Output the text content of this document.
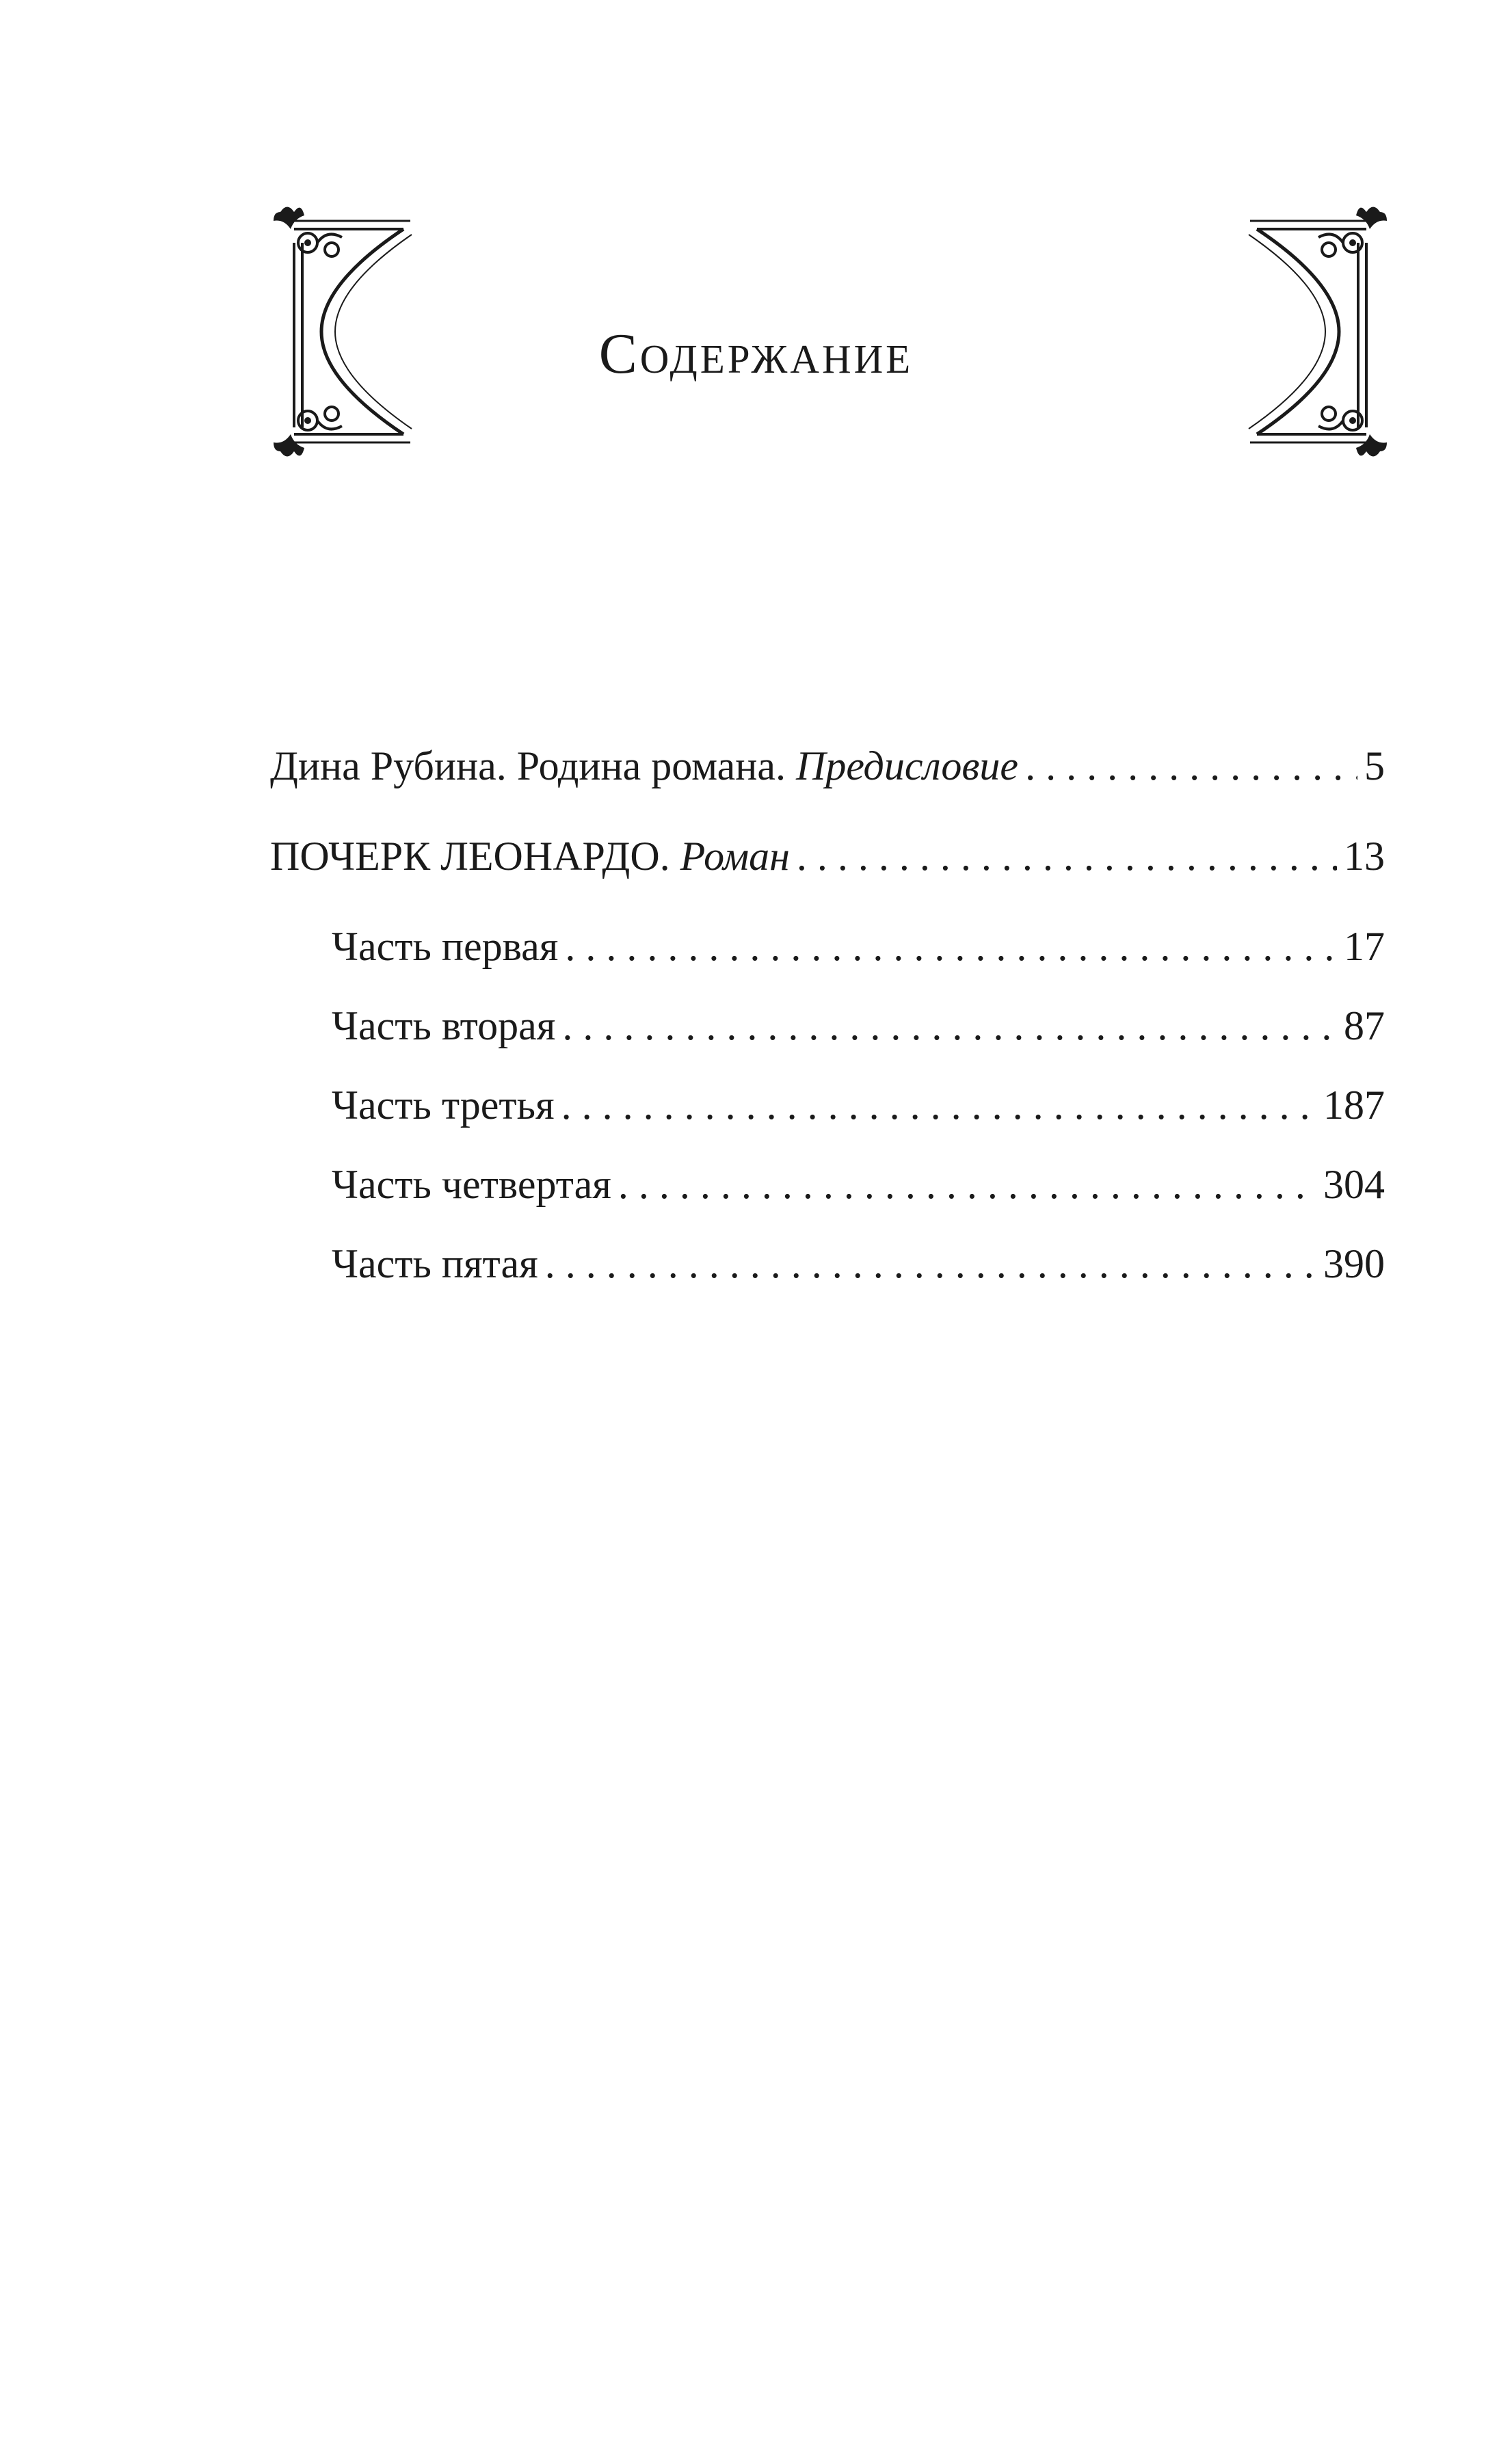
Содержание
Дина Рубина. Родина романа. Предисловие . . .	5
ПОЧЕРК ЛЕОНАРДО. Роман . . .	13
Часть первая . . .	17
Часть вторая . . .	87
Часть третья . . .	187
Часть четвертая . . .	304
Часть пятая . . .	390
